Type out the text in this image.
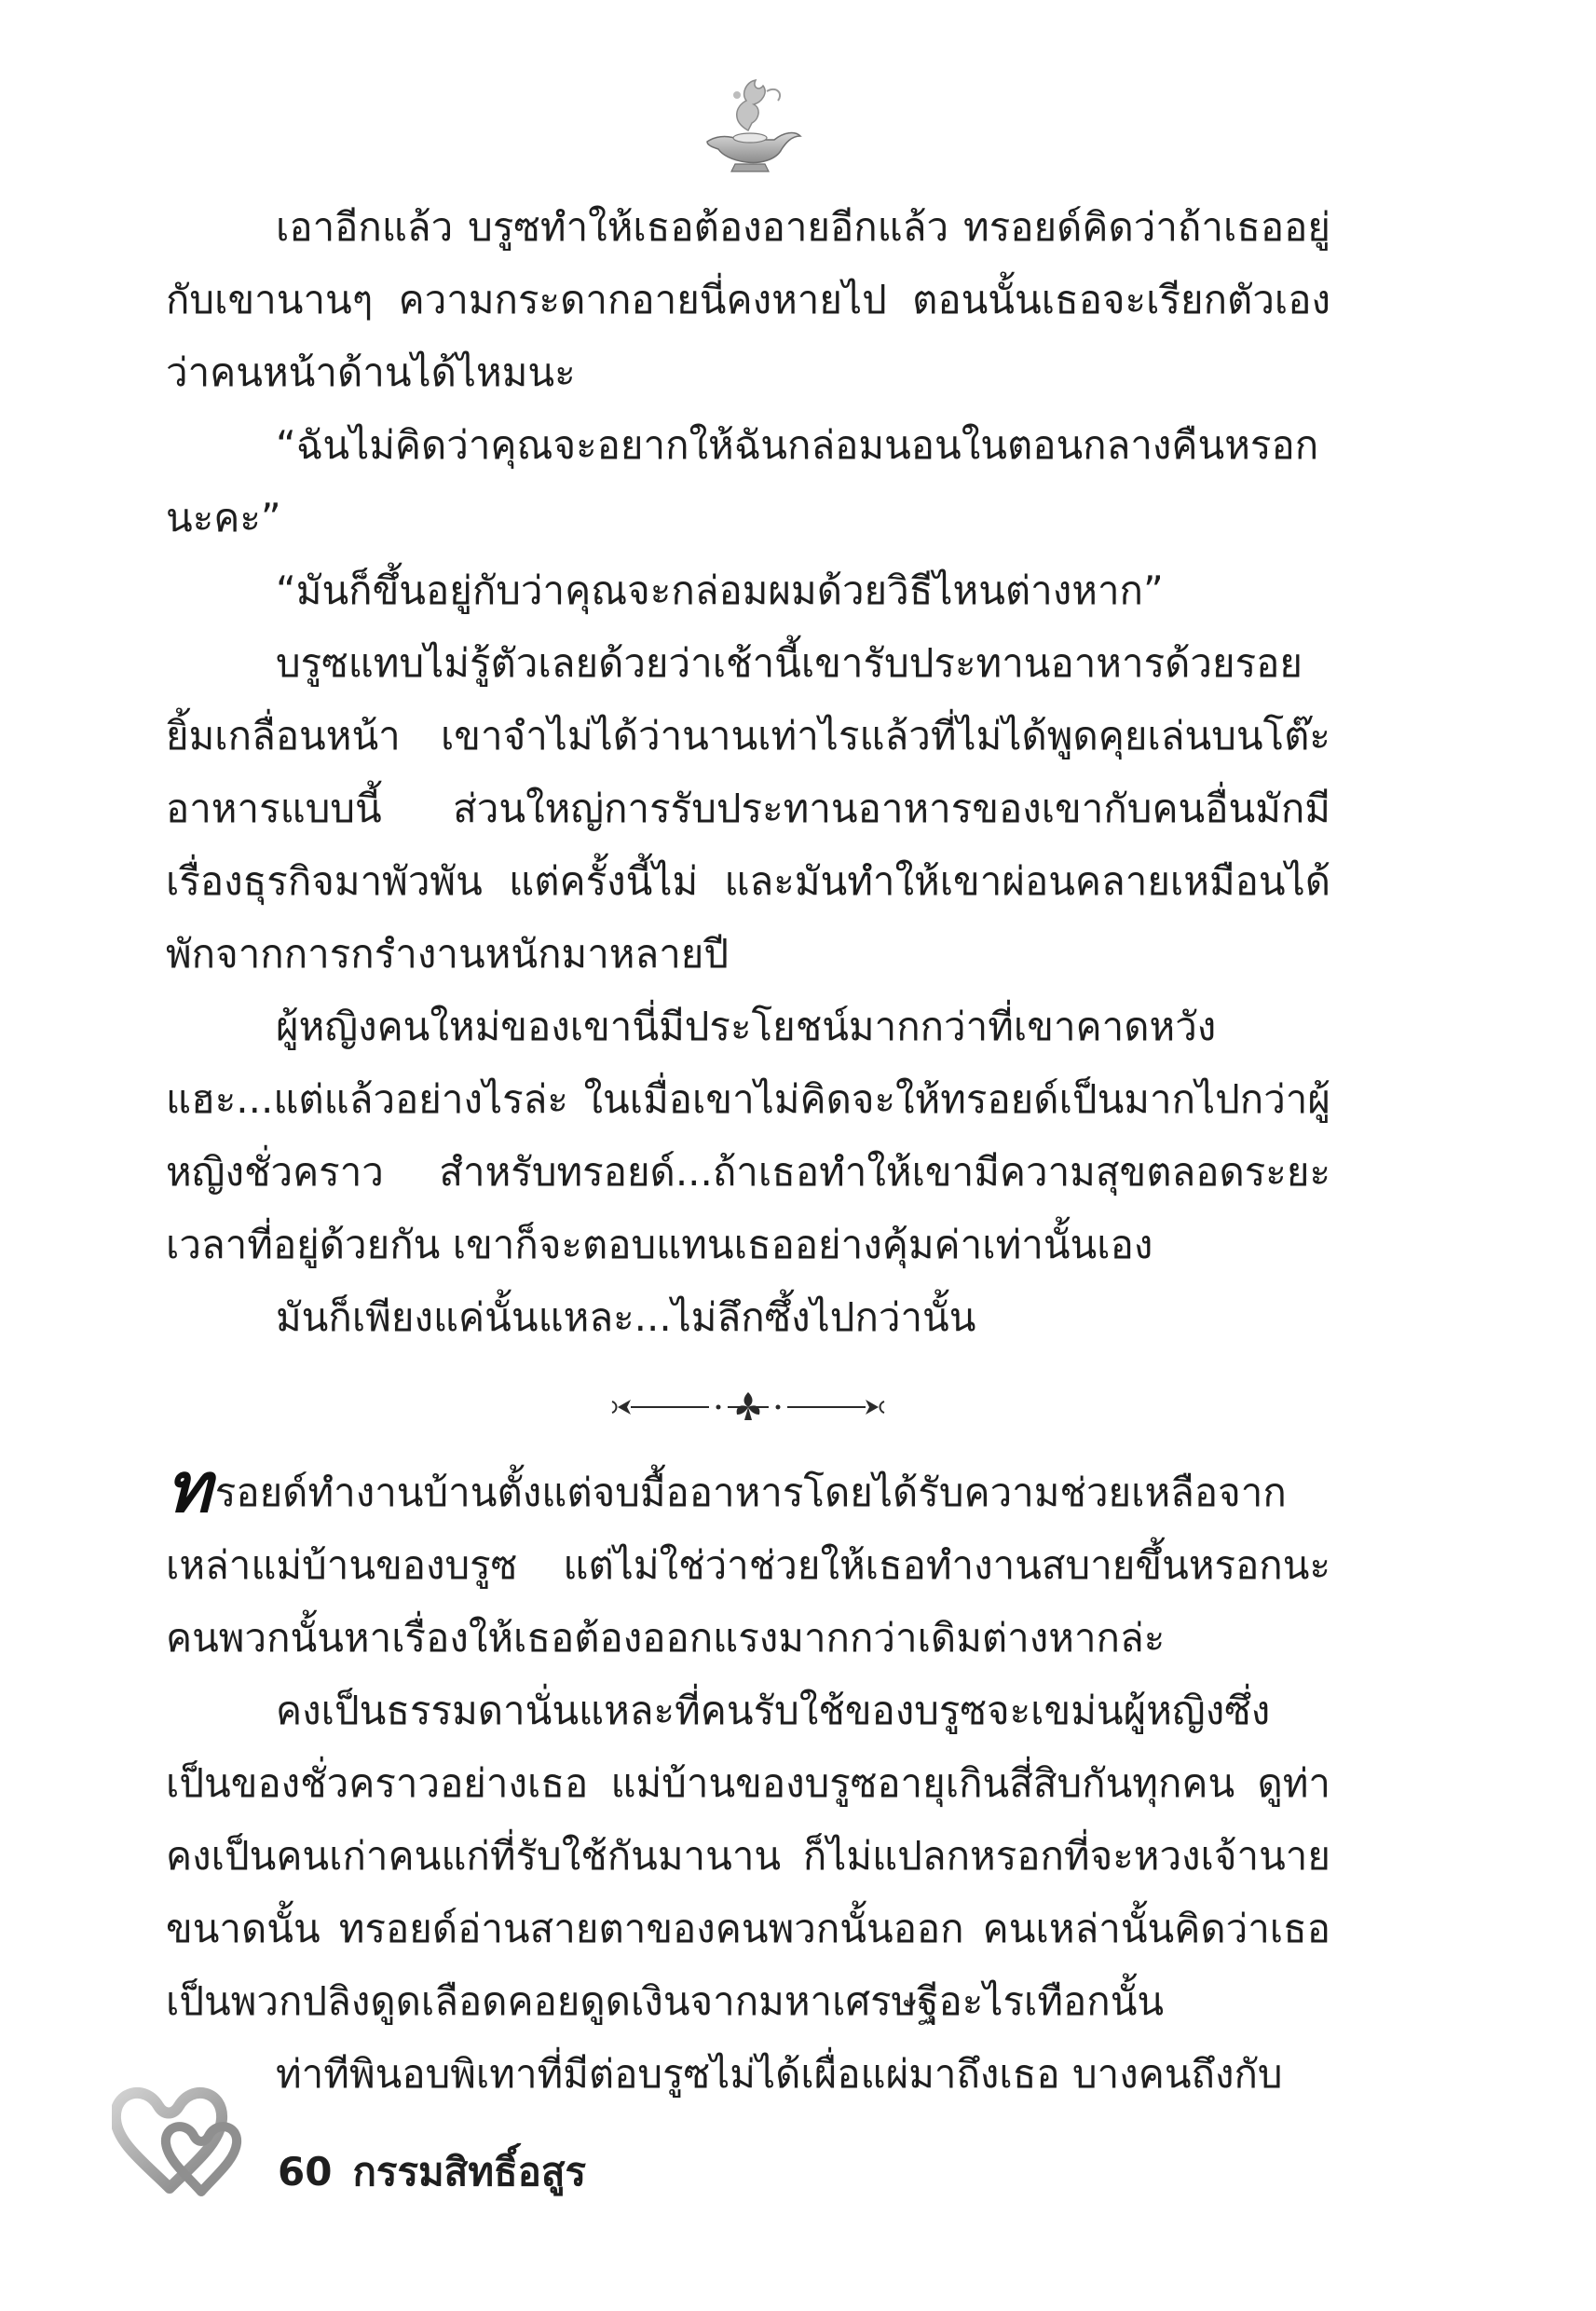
เอาอีกแล้ว บรูซทำให้เธอต้องอายอีกแล้ว ทรอยด์คิดว่าถ้าเธออยู่กับเขานานๆ ความกระดากอายนี่คงหายไป ตอนนั้นเธอจะเรียกตัวเองว่าคนหน้าด้านได้ไหมนะ

“ฉันไม่คิดว่าคุณจะอยากให้ฉันกล่อมนอนในตอนกลางคืนหรอกนะคะ”

“มันก็ขึ้นอยู่กับว่าคุณจะกล่อมผมด้วยวิธีไหนต่างหาก”

บรูซแทบไม่รู้ตัวเลยด้วยว่าเช้านี้เขารับประทานอาหารด้วยรอยยิ้มเกลื่อนหน้า เขาจำไม่ได้ว่านานเท่าไรแล้วที่ไม่ได้พูดคุยเล่นบนโต๊ะอาหารแบบนี้ ส่วนใหญ่การรับประทานอาหารของเขากับคนอื่นมักมีเรื่องธุรกิจมาพัวพัน แต่ครั้งนี้ไม่ และมันทำให้เขาผ่อนคลายเหมือนได้พักจากการกรำงานหนักมาหลายปี

ผู้หญิงคนใหม่ของเขานี่มีประโยชน์มากกว่าที่เขาคาดหวังแฮะ...แต่แล้วอย่างไรล่ะ ในเมื่อเขาไม่คิดจะให้ทรอยด์เป็นมากไปกว่าผู้หญิงชั่วคราว สำหรับทรอยด์...ถ้าเธอทำให้เขามีความสุขตลอดระยะเวลาที่อยู่ด้วยกัน เขาก็จะตอบแทนเธออย่างคุ้มค่าเท่านั้นเอง

มันก็เพียงแค่นั้นแหละ...ไม่ลึกซึ้งไปกว่านั้น

ทรอยด์ทำงานบ้านตั้งแต่จบมื้ออาหารโดยได้รับความช่วยเหลือจากเหล่าแม่บ้านของบรูซ แต่ไม่ใช่ว่าช่วยให้เธอทำงานสบายขึ้นหรอกนะ คนพวกนั้นหาเรื่องให้เธอต้องออกแรงมากกว่าเดิมต่างหากล่ะ

คงเป็นธรรมดานั่นแหละที่คนรับใช้ของบรูซจะเขม่นผู้หญิงซึ่งเป็นของชั่วคราวอย่างเธอ แม่บ้านของบรูซอายุเกินสี่สิบกันทุกคน ดูท่าคงเป็นคนเก่าคนแก่ที่รับใช้กันมานาน ก็ไม่แปลกหรอกที่จะหวงเจ้านายขนาดนั้น ทรอยด์อ่านสายตาของคนพวกนั้นออก คนเหล่านั้นคิดว่าเธอเป็นพวกปลิงดูดเลือดคอยดูดเงินจากมหาเศรษฐีอะไรเทือกนั้น

ท่าทีพินอบพิเทาที่มีต่อบรูซไม่ได้เผื่อแผ่มาถึงเธอ บางคนถึงกับ

60 กรรมสิทธิ์อสูร
